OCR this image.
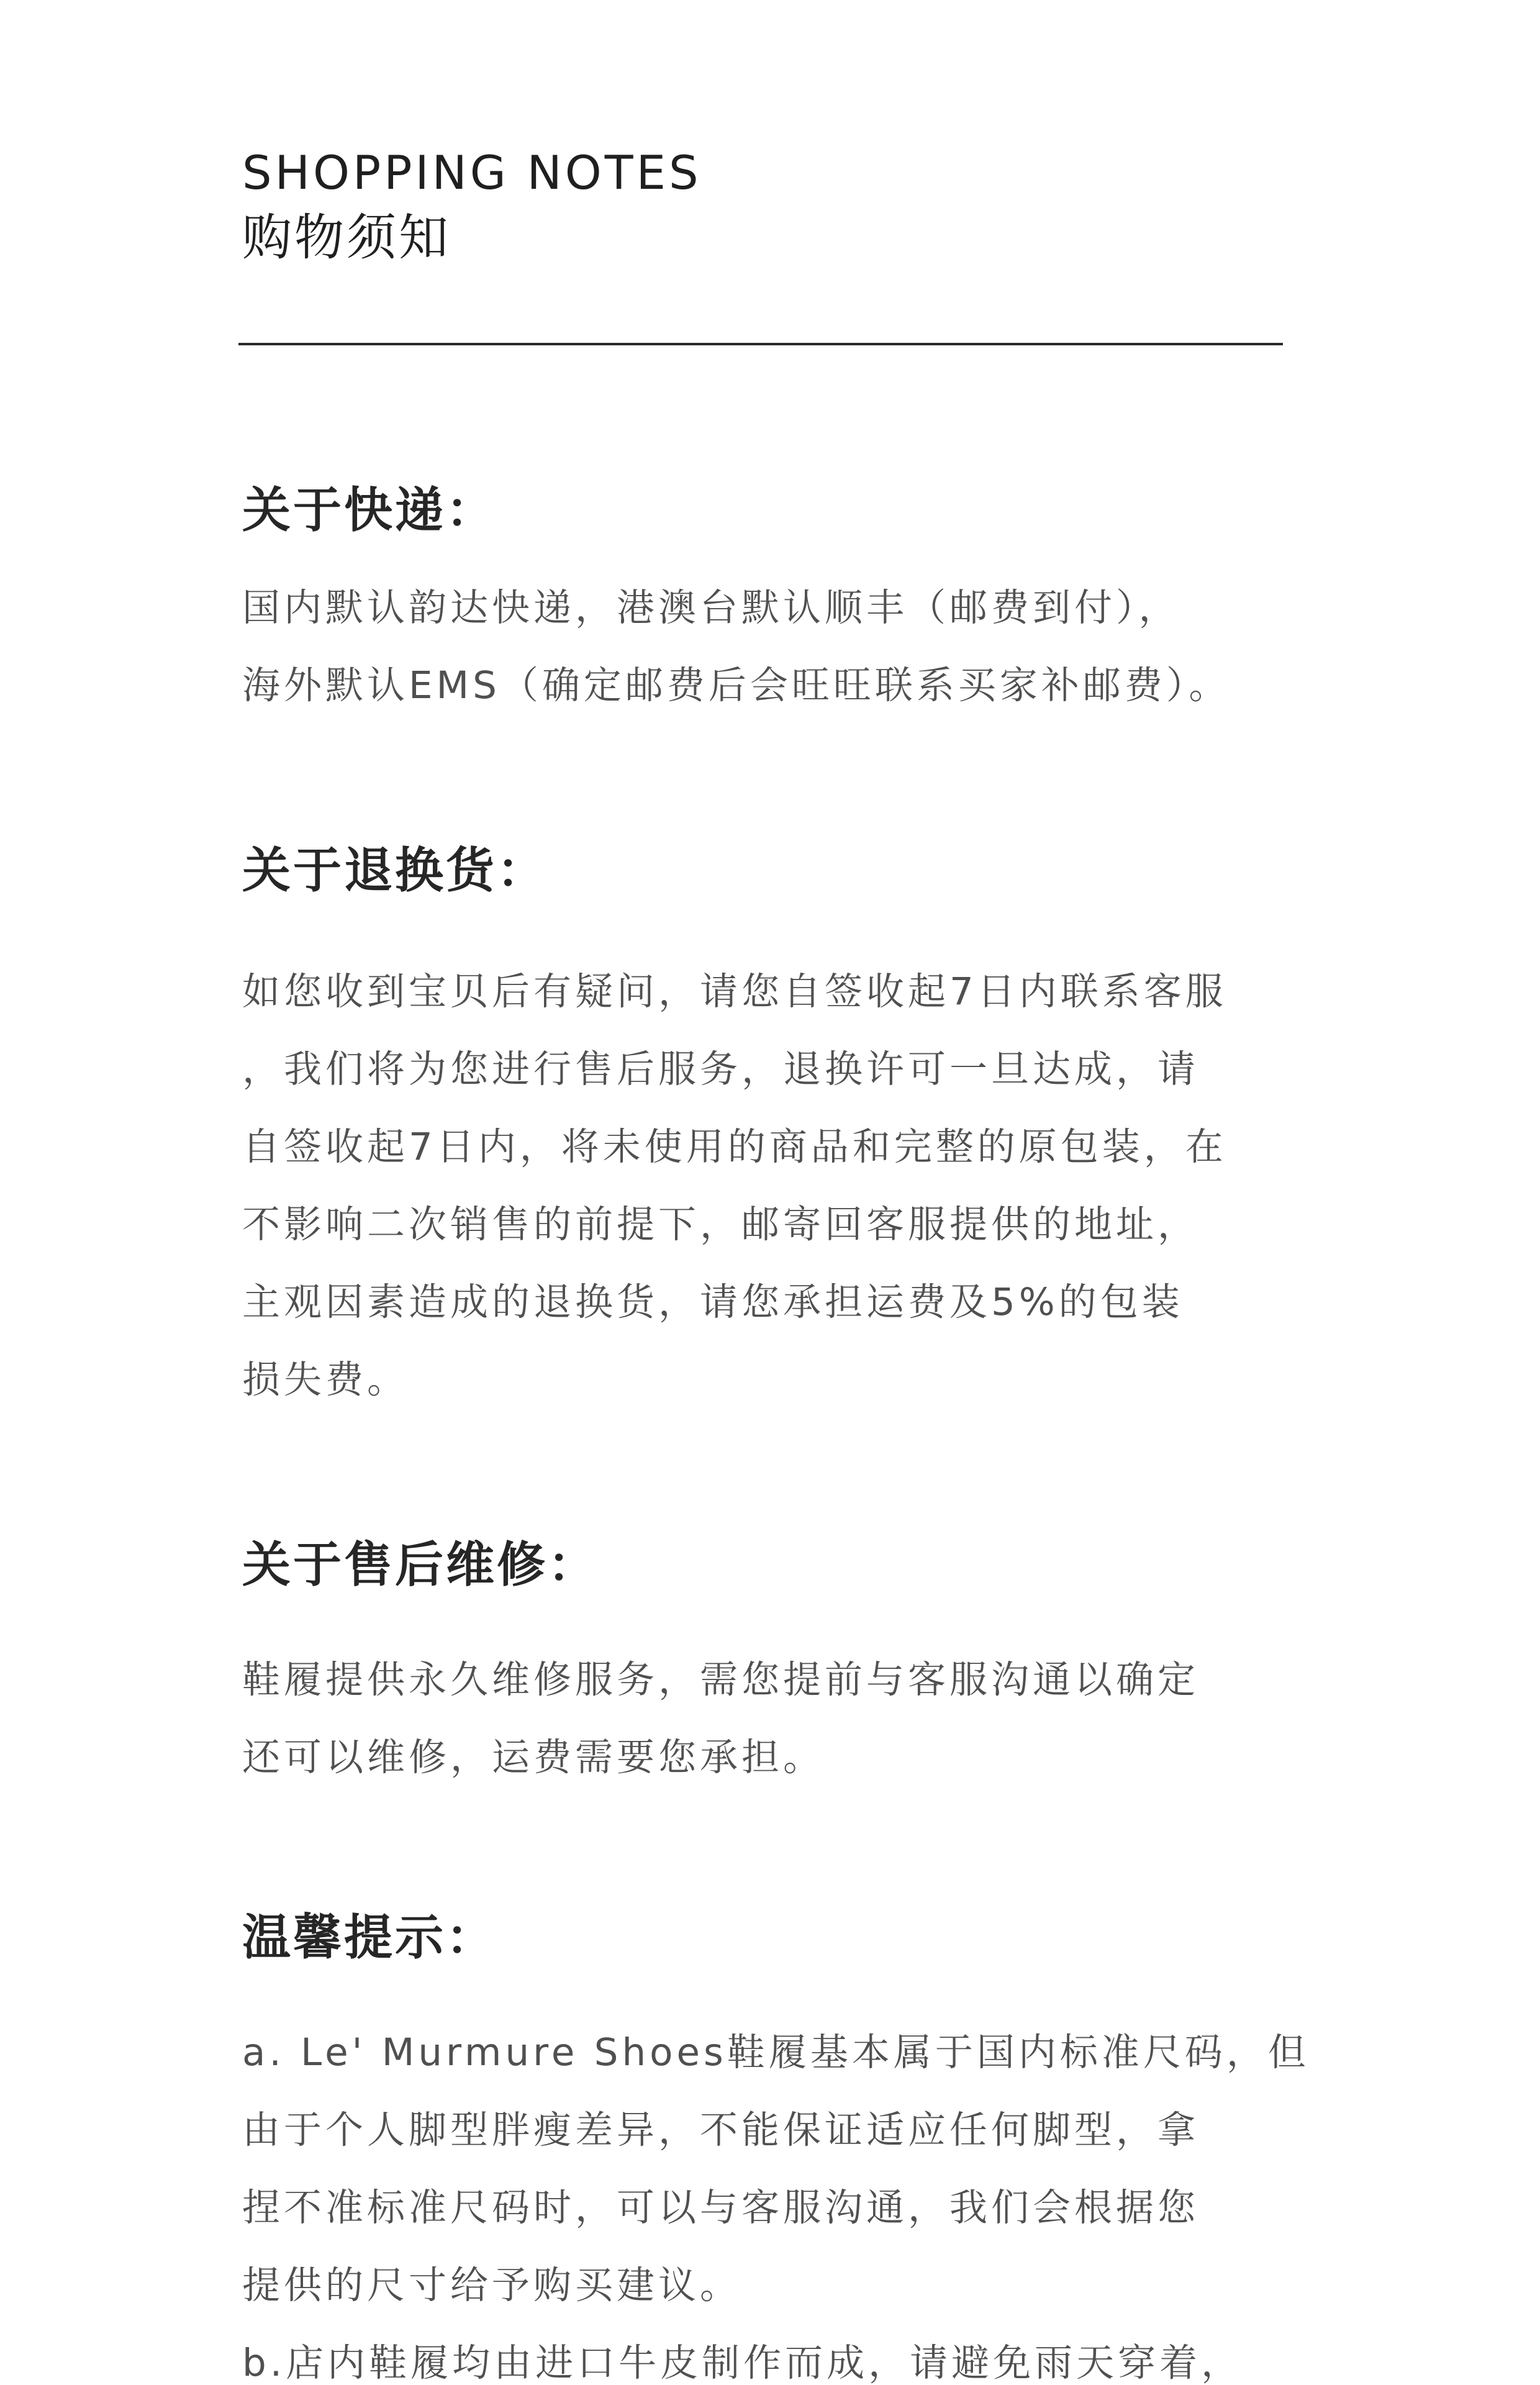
SHOPPING NOTES
购物须知
关于快递：
国内默认韵达快递，港澳台默认顺丰（邮费到付），
海外默认EMS（确定邮费后会旺旺联系买家补邮费）。
关于退换货：
如您收到宝贝后有疑问，请您自签收起7日内联系客服
，我们将为您进行售后服务，退换许可一旦达成，请
自签收起7日内，将未使用的商品和完整的原包装，在
不影响二次销售的前提下，邮寄回客服提供的地址，
主观因素造成的退换货，请您承担运费及5%的包装
损失费。
关于售后维修：
鞋履提供永久维修服务，需您提前与客服沟通以确定
还可以维修，运费需要您承担。
温馨提示：
a. Le' Murmure Shoes鞋履基本属于国内标准尺码，但
由于个人脚型胖瘦差异，不能保证适应任何脚型，拿
捏不准标准尺码时，可以与客服沟通，我们会根据您
提供的尺寸给予购买建议。
b.店内鞋履均由进口牛皮制作而成，请避免雨天穿着，
